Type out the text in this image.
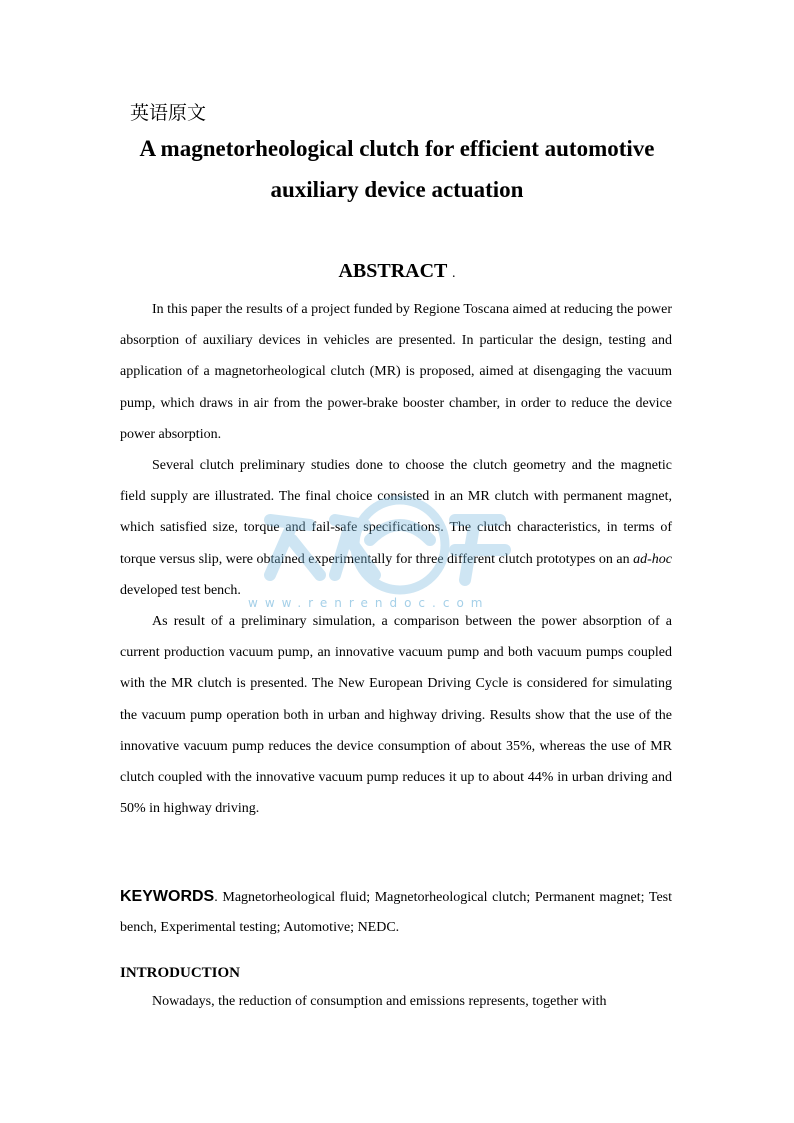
英语原文
A magnetorheological clutch for efficient automotive auxiliary device actuation
ABSTRACT .

In this paper the results of a project funded by Regione Toscana aimed at reducing the power absorption of auxiliary devices in vehicles are presented. In particular the design, testing and application of a magnetorheological clutch (MR) is proposed, aimed at disengaging the vacuum pump, which draws in air from the power-brake booster chamber, in order to reduce the device power absorption.

Several clutch preliminary studies done to choose the clutch geometry and the magnetic field supply are illustrated. The final choice consisted in an MR clutch with permanent magnet, which satisfied size, torque and fail-safe specifications. The clutch characteristics, in terms of torque versus slip, were obtained experimentally for three different clutch prototypes on an ad-hoc developed test bench.

As result of a preliminary simulation, a comparison between the power absorption of a current production vacuum pump, an innovative vacuum pump and both vacuum pumps coupled with the MR clutch is presented. The New European Driving Cycle is considered for simulating the vacuum pump operation both in urban and highway driving. Results show that the use of the innovative vacuum pump reduces the device consumption of about 35%, whereas the use of MR clutch coupled with the innovative vacuum pump reduces it up to about 44% in urban driving and 50% in highway driving.

KEYWORDS. Magnetorheological fluid; Magnetorheological clutch; Permanent magnet; Test bench, Experimental testing; Automotive; NEDC.
INTRODUCTION

Nowadays, the reduction of consumption and emissions represents, together with

www.renrendoc.com
